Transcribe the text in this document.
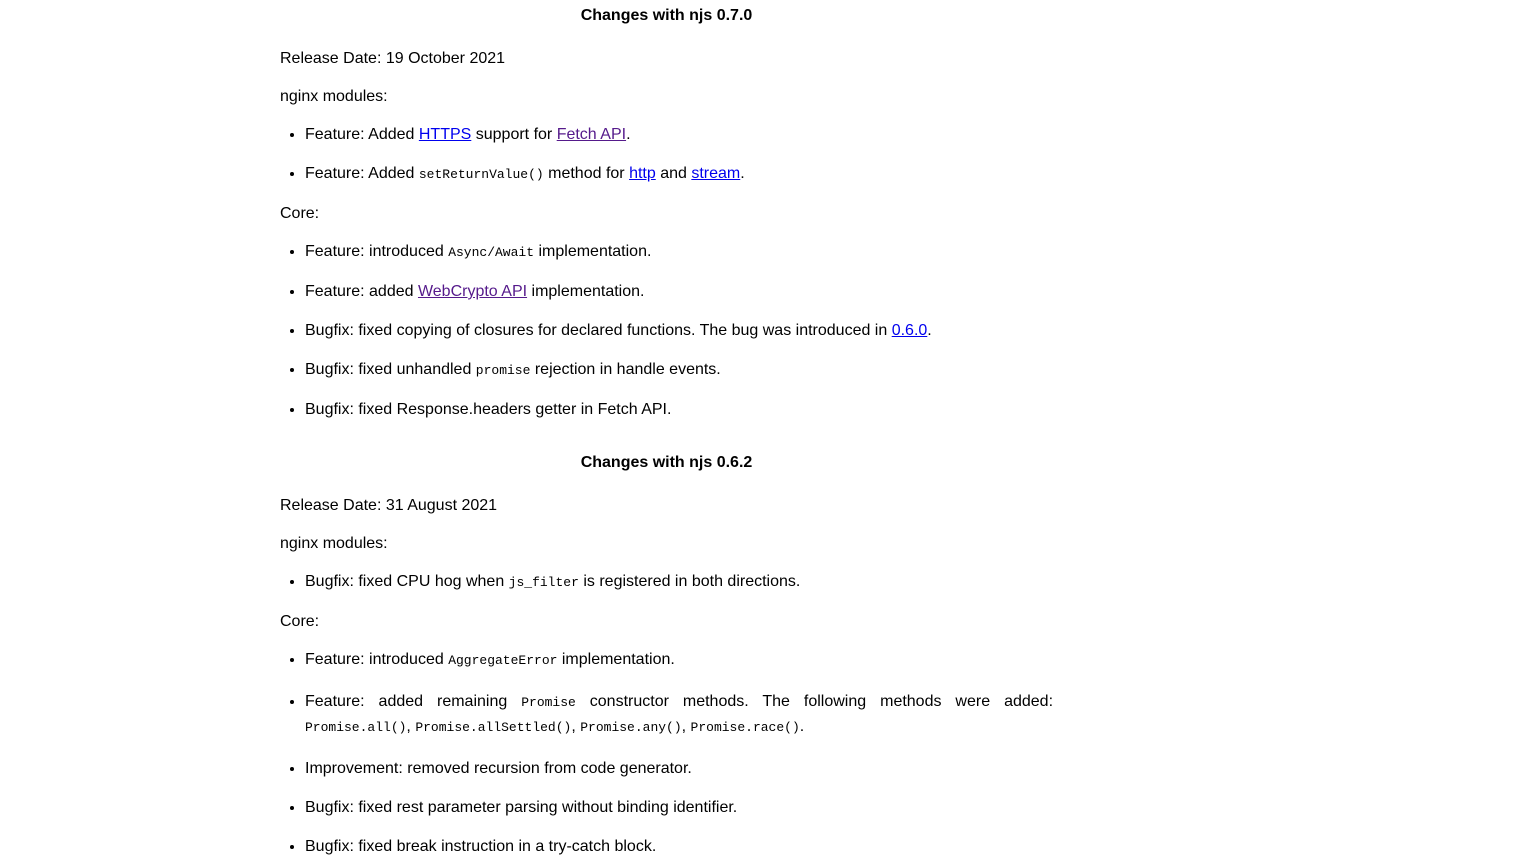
Changes with njs 0.7.0

Release Date: 19 October 2021

nginx modules:

• Feature: Added HTTPS support for Fetch API.
• Feature: Added setReturnValue() method for http and stream.

Core:

• Feature: introduced Async/Await implementation.
• Feature: added WebCrypto API implementation.
• Bugfix: fixed copying of closures for declared functions. The bug was introduced in 0.6.0.
• Bugfix: fixed unhandled promise rejection in handle events.
• Bugfix: fixed Response.headers getter in Fetch API.
Changes with njs 0.6.2

Release Date: 31 August 2021

nginx modules:

• Bugfix: fixed CPU hog when js_filter is registered in both directions.

Core:

• Feature: introduced AggregateError implementation.
• Feature: added remaining Promise constructor methods. The following methods were added:
Promise.all(), Promise.allSettled(), Promise.any(), Promise.race().
• Improvement: removed recursion from code generator.
• Bugfix: fixed rest parameter parsing without binding identifier.
• Bugfix: fixed break instruction in a try-catch block.
